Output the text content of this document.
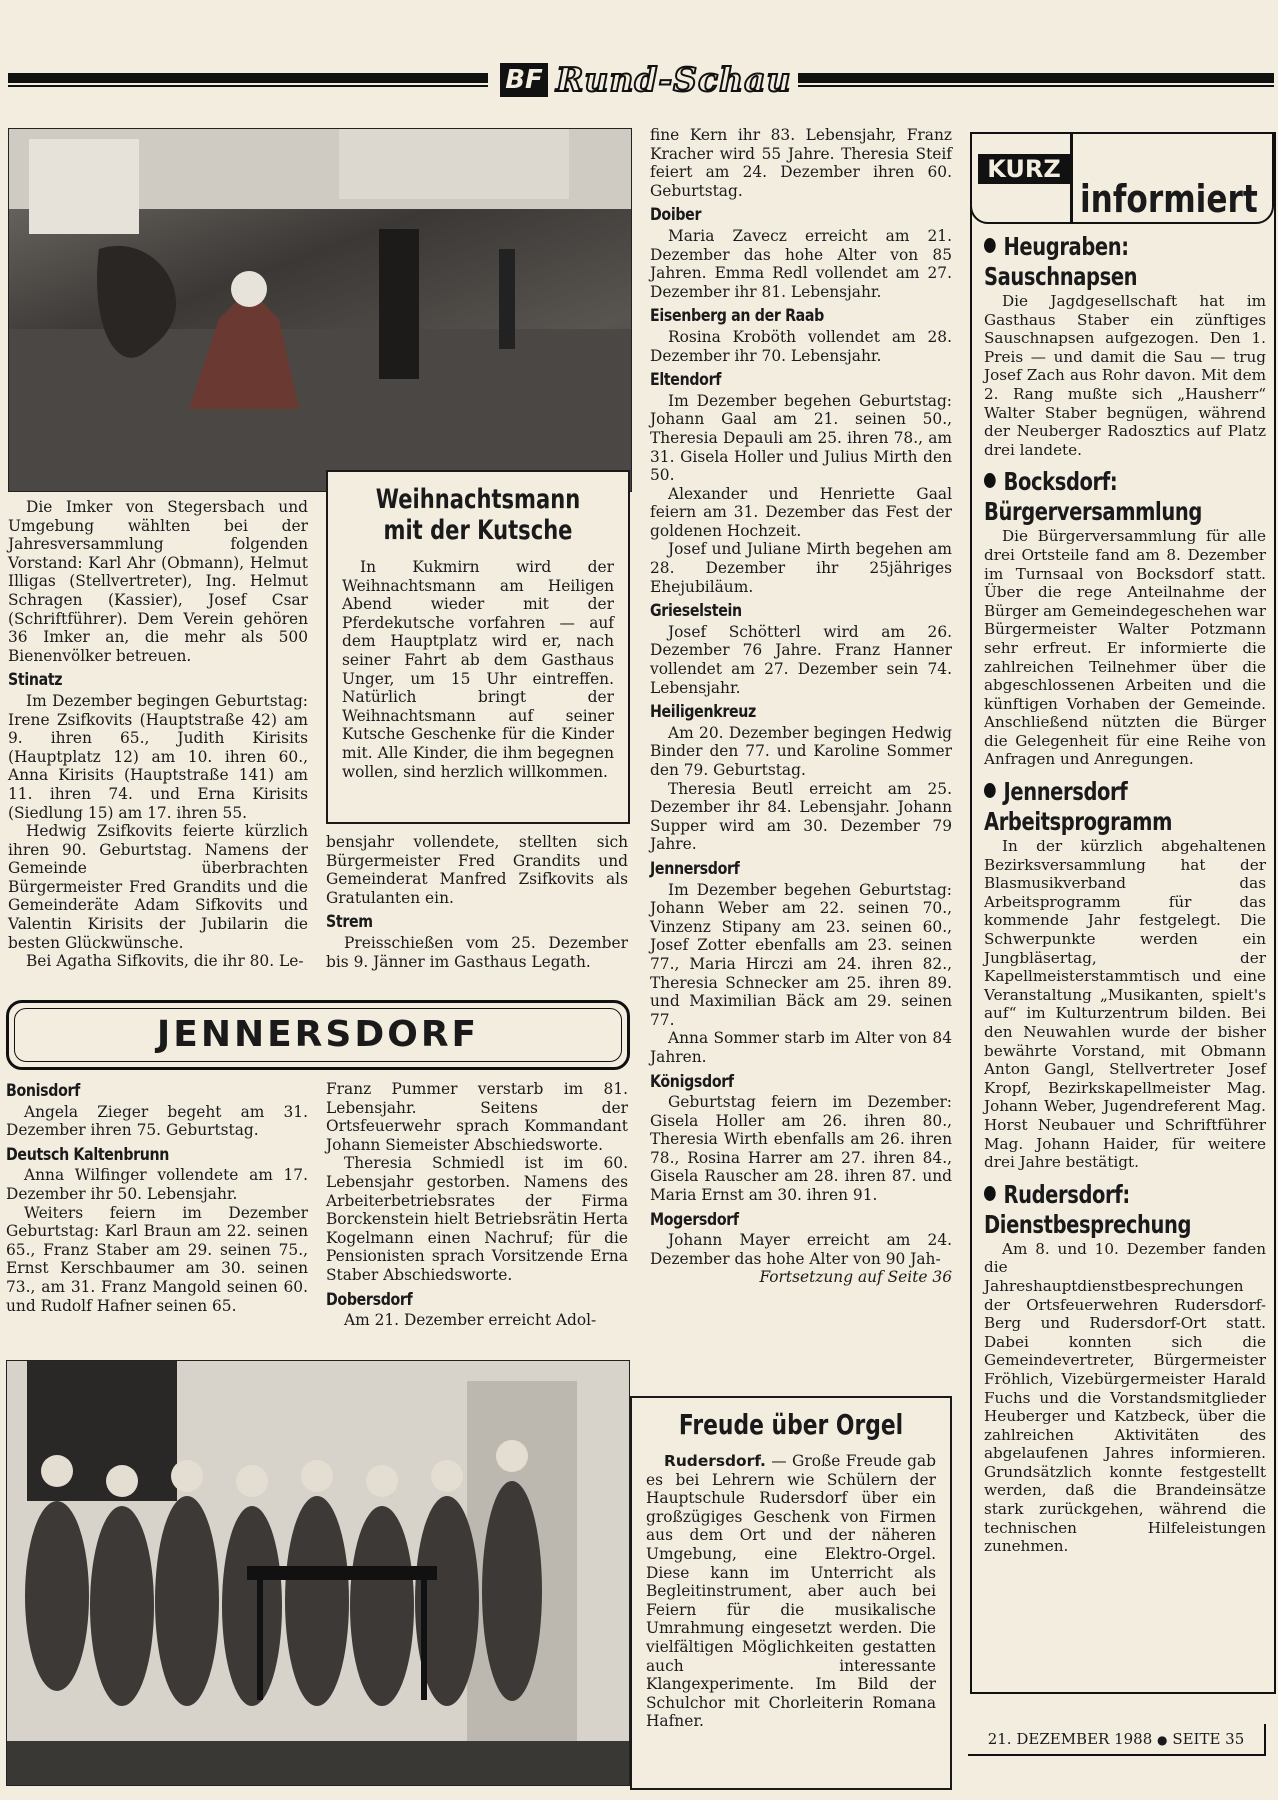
BF Rund-Schau

Die Imker von Stegersbach und Umgebung wählten bei der Jahresversammlung folgenden Vorstand: Karl Ahr (Obmann), Helmut Illigas (Stellvertreter), Ing. Helmut Schragen (Kassier), Josef Csar (Schriftführer). Dem Verein gehören 36 Imker an, die mehr als 500 Bienenvölker betreuen.

Stinatz

Im Dezember begingen Geburtstag: Irene Zsifkovits (Hauptstraße 42) am 9. ihren 65., Judith Kirisits (Hauptplatz 12) am 10. ihren 60., Anna Kirisits (Hauptstraße 141) am 11. ihren 74. und Erna Kirisits (Siedlung 15) am 17. ihren 55.

Hedwig Zsifkovits feierte kürzlich ihren 90. Geburtstag. Namens der Gemeinde überbrachten Bürgermeister Fred Grandits und die Gemeinderäte Adam Sifkovits und Valentin Kirisits der Jubilarin die besten Glückwünsche.

Bei Agatha Sifkovits, die ihr 80. Le-

Weihnachtsmann
mit der Kutsche

In Kukmirn wird der Weihnachtsmann am Heiligen Abend wieder mit der Pferdekutsche vorfahren — auf dem Hauptplatz wird er, nach seiner Fahrt ab dem Gasthaus Unger, um 15 Uhr eintreffen. Natürlich bringt der Weihnachtsmann auf seiner Kutsche Geschenke für die Kinder mit. Alle Kinder, die ihm begegnen wollen, sind herzlich willkommen.

bensjahr vollendete, stellten sich Bürgermeister Fred Grandits und Gemeinderat Manfred Zsifkovits als Gratulanten ein.

Strem

Preisschießen vom 25. Dezember bis 9. Jänner im Gasthaus Legath.

fine Kern ihr 83. Lebensjahr, Franz Kracher wird 55 Jahre. Theresia Steif feiert am 24. Dezember ihren 60. Geburtstag.

Doiber

Maria Zavecz erreicht am 21. Dezember das hohe Alter von 85 Jahren. Emma Redl vollendet am 27. Dezember ihr 81. Lebensjahr.

Eisenberg an der Raab

Rosina Kroböth vollendet am 28. Dezember ihr 70. Lebensjahr.

Eltendorf

Im Dezember begehen Geburtstag: Johann Gaal am 21. seinen 50., Theresia Depauli am 25. ihren 78., am 31. Gisela Holler und Julius Mirth den 50.

Alexander und Henriette Gaal feiern am 31. Dezember das Fest der goldenen Hochzeit.

Josef und Juliane Mirth begehen am 28. Dezember ihr 25jähriges Ehejubiläum.

Grieselstein

Josef Schötterl wird am 26. Dezember 76 Jahre. Franz Hanner vollendet am 27. Dezember sein 74. Lebensjahr.

Heiligenkreuz

Am 20. Dezember begingen Hedwig Binder den 77. und Karoline Sommer den 79. Geburtstag.

Theresia Beutl erreicht am 25. Dezember ihr 84. Lebensjahr. Johann Supper wird am 30. Dezember 79 Jahre.

Jennersdorf

Im Dezember begehen Geburtstag: Johann Weber am 22. seinen 70., Vinzenz Stipany am 23. seinen 60., Josef Zotter ebenfalls am 23. seinen 77., Maria Hirczi am 24. ihren 82., Theresia Schnecker am 25. ihren 89. und Maximilian Bäck am 29. seinen 77.

Anna Sommer starb im Alter von 84 Jahren.

Königsdorf

Geburtstag feiern im Dezember: Gisela Holler am 26. ihren 80., Theresia Wirth ebenfalls am 26. ihren 78., Rosina Harrer am 27. ihren 84., Gisela Rauscher am 28. ihren 87. und Maria Ernst am 30. ihren 91.

Mogersdorf

Johann Mayer erreicht am 24. Dezember das hohe Alter von 90 Jah-

Fortsetzung auf Seite 36
JENNERSDORF
Bonisdorf

Angela Zieger begeht am 31. Dezember ihren 75. Geburtstag.

Deutsch Kaltenbrunn

Anna Wilfinger vollendete am 17. Dezember ihr 50. Lebensjahr.

Weiters feiern im Dezember Geburtstag: Karl Braun am 22. seinen 65., Franz Staber am 29. seinen 75., Ernst Kerschbaumer am 30. seinen 73., am 31. Franz Mangold seinen 60. und Rudolf Hafner seinen 65.

Franz Pummer verstarb im 81. Lebensjahr. Seitens der Ortsfeuerwehr sprach Kommandant Johann Siemeister Abschiedsworte.

Theresia Schmiedl ist im 60. Lebensjahr gestorben. Namens des Arbeiterbetriebsrates der Firma Borckenstein hielt Betriebsrätin Herta Kogelmann einen Nachruf; für die Pensionisten sprach Vorsitzende Erna Staber Abschiedsworte.

Dobersdorf

Am 21. Dezember erreicht Adol-

Freude über Orgel

Rudersdorf. — Große Freude gab es bei Lehrern wie Schülern der Hauptschule Rudersdorf über ein großzügiges Geschenk von Firmen aus dem Ort und der näheren Umgebung, eine Elektro-Orgel. Diese kann im Unterricht als Begleitinstrument, aber auch bei Feiern für die musikalische Umrahmung eingesetzt werden. Die vielfältigen Möglichkeiten gestatten auch interessante Klangexperimente. Im Bild der Schulchor mit Chorleiterin Romana Hafner.

KURZ
informiert
Heugraben:
Sauschnapsen

Die Jagdgesellschaft hat im Gasthaus Staber ein zünftiges Sauschnapsen aufgezogen. Den 1. Preis — und damit die Sau — trug Josef Zach aus Rohr davon. Mit dem 2. Rang mußte sich „Hausherr“ Walter Staber begnügen, während der Neuberger Radosztics auf Platz drei landete.

Bocksdorf:
Bürgerversammlung

Die Bürgerversammlung für alle drei Ortsteile fand am 8. Dezember im Turnsaal von Bocksdorf statt. Über die rege Anteilnahme der Bürger am Gemeindegeschehen war Bürgermeister Walter Potzmann sehr erfreut. Er informierte die zahlreichen Teilnehmer über die abgeschlossenen Arbeiten und die künftigen Vorhaben der Gemeinde. Anschließend nützten die Bürger die Gelegenheit für eine Reihe von Anfragen und Anregungen.

Jennersdorf
Arbeitsprogramm

In der kürzlich abgehaltenen Bezirksversammlung hat der Blasmusikverband das Arbeitsprogramm für das kommende Jahr festgelegt. Die Schwerpunkte werden ein Jungbläsertag, der Kapellmeisterstammtisch und eine Veranstaltung „Musikanten, spielt's auf“ im Kulturzentrum bilden. Bei den Neuwahlen wurde der bisher bewährte Vorstand, mit Obmann Anton Gangl, Stellvertreter Josef Kropf, Bezirkskapellmeister Mag. Johann Weber, Jugendreferent Mag. Horst Neubauer und Schriftführer Mag. Johann Haider, für weitere drei Jahre bestätigt.

Rudersdorf:
Dienstbesprechung

Am 8. und 10. Dezember fanden die Jahreshauptdienstbesprechungen der Ortsfeuerwehren Rudersdorf-Berg und Rudersdorf-Ort statt. Dabei konnten sich die Gemeindevertreter, Bürgermeister Fröhlich, Vizebürgermeister Harald Fuchs und die Vorstandsmitglieder Heuberger und Katzbeck, über die zahlreichen Aktivitäten des abgelaufenen Jahres informieren. Grundsätzlich konnte festgestellt werden, daß die Brandeinsätze stark zurückgehen, während die technischen Hilfeleistungen zunehmen.

21. DEZEMBER 1988 ● SEITE 35
